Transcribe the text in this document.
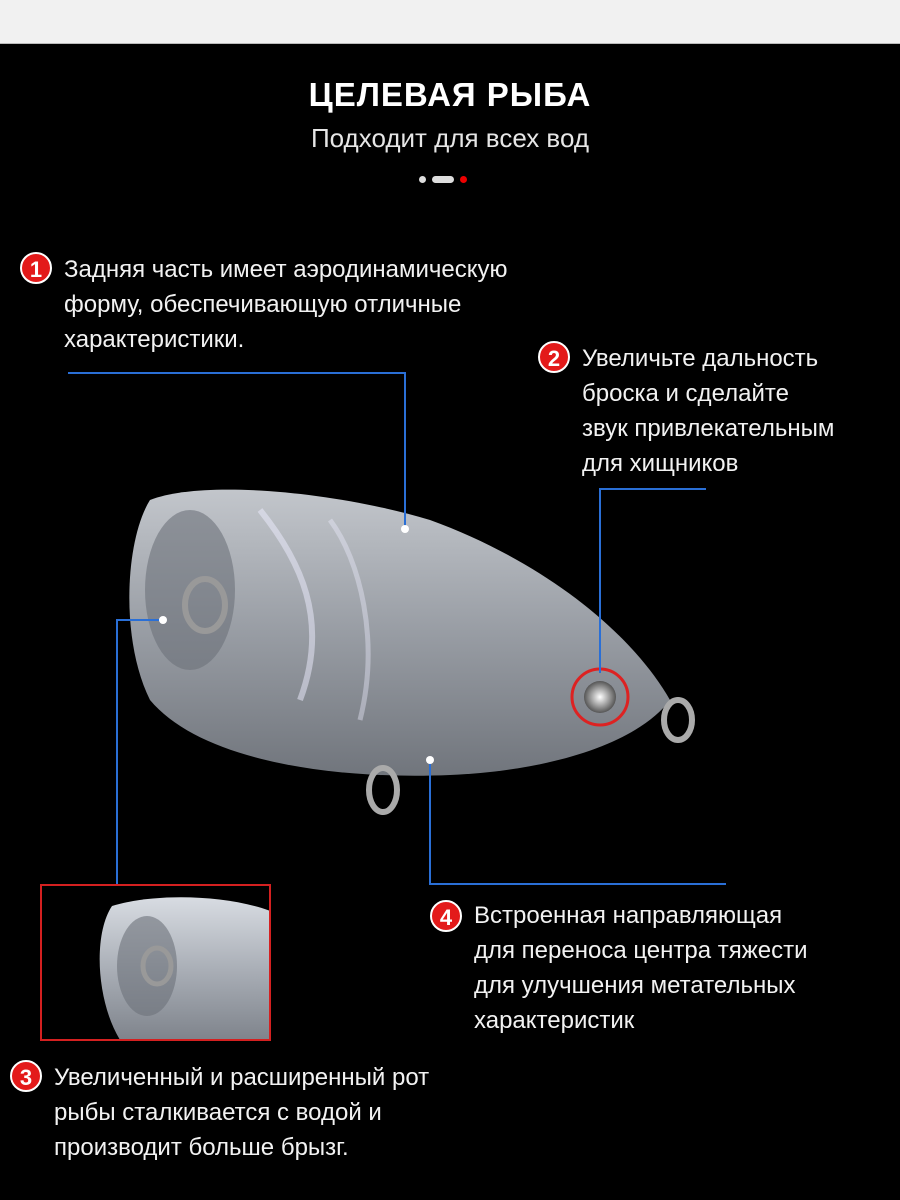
ЦЕЛЕВАЯ РЫБА
Подходит для всех вод
1 Задняя часть имеет аэродинамическую
форму, обеспечивающую отличные
характеристики.
2 Увеличьте дальность
броска и сделайте
звук привлекательным
для хищников
4 Встроенная направляющая
для переноса центра тяжести
для улучшения метательных
характеристик
3 Увеличенный и расширенный рот
рыбы сталкивается с водой и
производит больше брызг.
